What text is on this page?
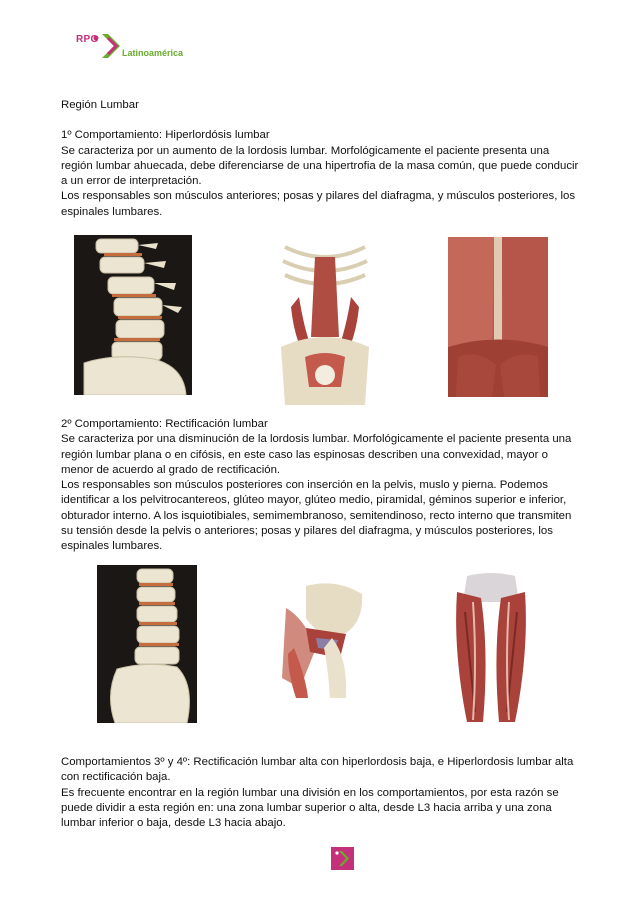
RPG
Latinoamérica

Región Lumbar

1º Comportamiento: Hiperlordósis lumbar

Se caracteriza por un aumento de la lordosis lumbar. Morfológicamente el paciente presenta una región lumbar ahuecada, debe diferenciarse de una hipertrofia de la masa común, que puede conducir a un error de interpretación.

Los responsables son músculos anteriores; posas y pilares del diafragma, y músculos posteriores, los espinales lumbares.

2º Comportamiento: Rectificación lumbar

Se caracteriza por una disminución de la lordosis lumbar. Morfológicamente el paciente presenta una región lumbar plana o en cifósis, en este caso las espinosas describen una convexidad, mayor o menor de acuerdo al grado de rectificación.

Los responsables son músculos posteriores con inserción en la pelvis, muslo y pierna. Podemos identificar a los pelvitrocantereos, glúteo mayor, glúteo medio, piramidal, géminos superior e inferior, obturador interno. A los isquiotibiales, semimembranoso, semitendinoso, recto interno que transmiten su tensión desde la pelvis o anteriores; posas y pilares del diafragma, y músculos posteriores, los espinales lumbares.

Comportamientos 3º y 4º: Rectificación lumbar alta con hiperlordosis baja, e Hiperlordosis lumbar alta con rectificación baja.

Es frecuente encontrar en la región lumbar una división en los comportamientos, por esta razón se puede dividir a esta región en: una zona lumbar superior o alta, desde L3 hacia arriba y una zona lumbar inferior o baja, desde L3 hacia abajo.
